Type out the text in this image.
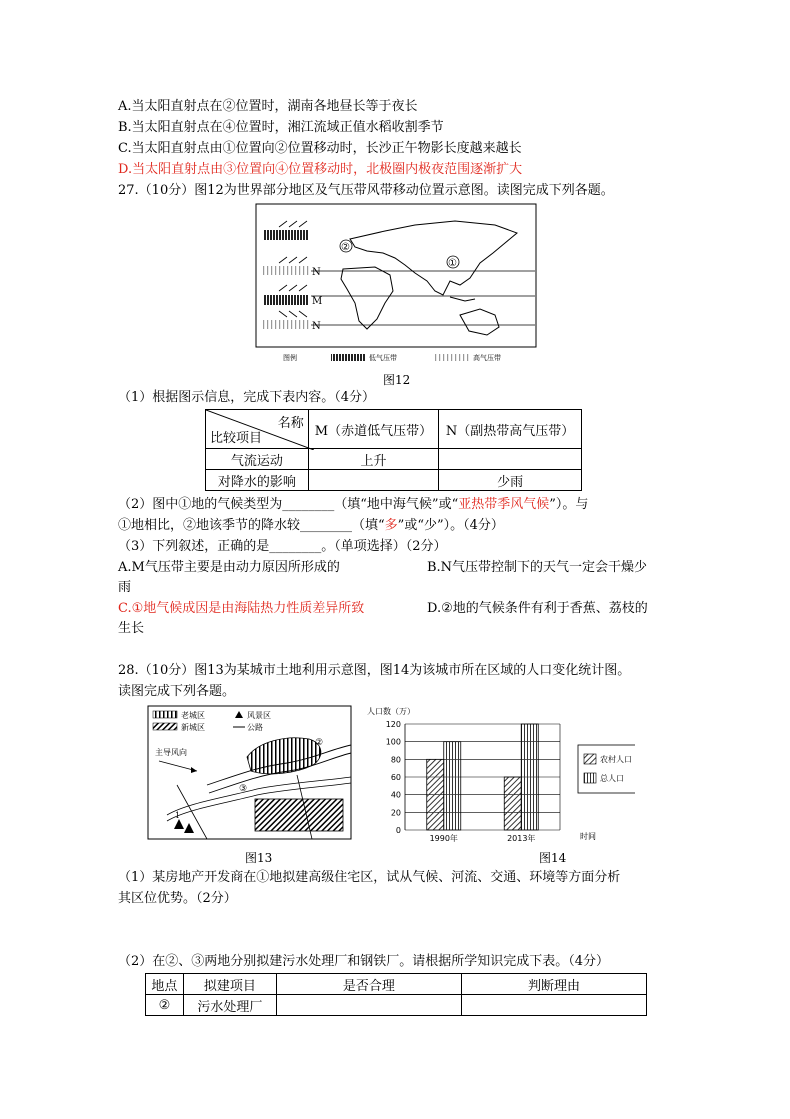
A.当太阳直射点在②位置时，湖南各地昼长等于夜长
B.当太阳直射点在④位置时，湘江流域正值水稻收割季节
C.当太阳直射点由①位置向②位置移动时，长沙正午物影长度越来越长
D.当太阳直射点由③位置向④位置移动时，北极圈内极夜范围逐渐扩大
27.（10分）图12为世界部分地区及气压带风带移动位置示意图。读图完成下列各题。
N
M
N
②
①
图例	低气压带	高气压带
图12
（1）根据图示信息，完成下表内容。（4分）
名称
比较项目	M（赤道低气压带）	N（副热带高气压带）
气流运动	上升	
对降水的影响		少雨
（2）图中①地的气候类型为________（填“地中海气候”或“亚热带季风气候”）。与
①地相比，②地该季节的降水较________（填“多”或“少”）。（4分）
（3）下列叙述，正确的是________。（单项选择）（2分）
A.M气压带主要是由动力原因所形成的	B.N气压带控制下的天气一定会干燥少
雨
C.①地气候成因是由海陆热力性质差异所致	D.②地的气候条件有利于香蕉、荔枝的
生长
28.（10分）图13为某城市土地利用示意图，图14为该城市所在区域的人口变化统计图。
读图完成下列各题。
老城区
新城区
风景区
公路
主导风向
②
③
1
图13
人口数（万）
时间
0
20
40
60
80
100
120
1990年	2013年
农村人口
总人口
图14
（1）某房地产开发商在①地拟建高级住宅区，试从气候、河流、交通、环境等方面分析
其区位优势。（2分）
（2）在②、③两地分别拟建污水处理厂和钢铁厂。请根据所学知识完成下表。（4分）
地点	拟建项目	是否合理	判断理由
②	污水处理厂		
